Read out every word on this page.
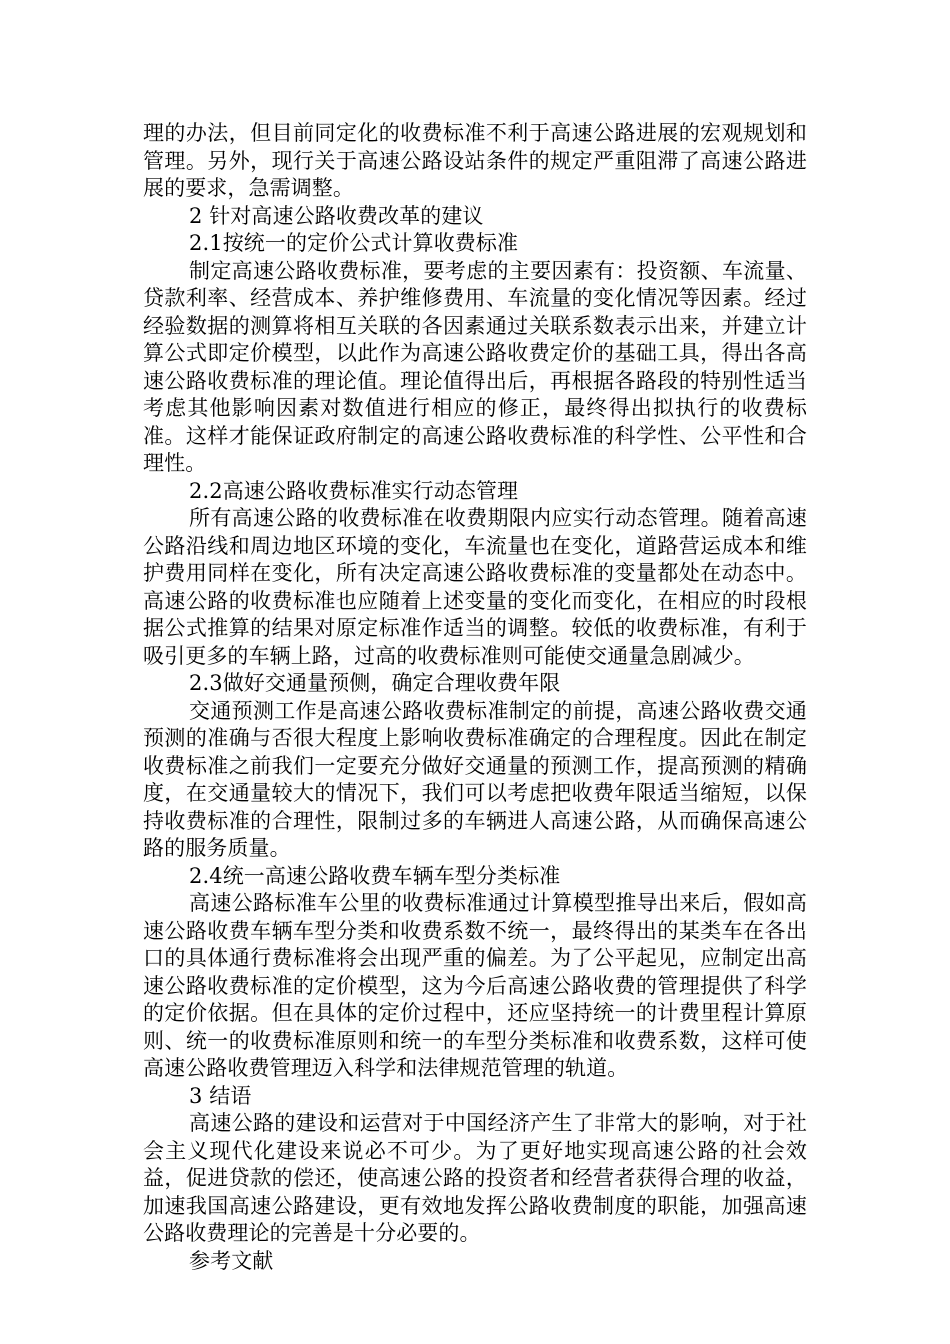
理的办法，但目前同定化的收费标准不利于高速公路进展的宏观规划和管理。另外，现行关于高速公路设站条件的规定严重阻滞了高速公路进展的要求，急需调整。

2 针对高速公路收费改革的建议

2.1按统一的定价公式计算收费标准

制定高速公路收费标准，要考虑的主要因素有：投资额、车流量、贷款利率、经营成本、养护维修费用、车流量的变化情况等因素。经过经验数据的测算将相互关联的各因素通过关联系数表示出来，并建立计算公式即定价模型，以此作为高速公路收费定价的基础工具，得出各高速公路收费标准的理论值。理论值得出后，再根据各路段的特别性适当考虑其他影响因素对数值进行相应的修正，最终得出拟执行的收费标准。这样才能保证政府制定的高速公路收费标准的科学性、公平性和合理性。

2.2高速公路收费标准实行动态管理

所有高速公路的收费标准在收费期限内应实行动态管理。随着高速公路沿线和周边地区环境的变化，车流量也在变化，道路营运成本和维护费用同样在变化，所有决定高速公路收费标准的变量都处在动态中。高速公路的收费标准也应随着上述变量的变化而变化，在相应的时段根据公式推算的结果对原定标准作适当的调整。较低的收费标准，有利于吸引更多的车辆上路，过高的收费标准则可能使交通量急剧减少。

2.3做好交通量预侧，确定合理收费年限

交通预测工作是高速公路收费标准制定的前提，高速公路收费交通预测的准确与否很大程度上影响收费标准确定的合理程度。因此在制定收费标准之前我们一定要充分做好交通量的预测工作，提高预测的精确度，在交通量较大的情况下，我们可以考虑把收费年限适当缩短，以保持收费标准的合理性，限制过多的车辆进人高速公路，从而确保高速公路的服务质量。

2.4统一高速公路收费车辆车型分类标准

高速公路标准车公里的收费标准通过计算模型推导出来后，假如高速公路收费车辆车型分类和收费系数不统一，最终得出的某类车在各出口的具体通行费标准将会出现严重的偏差。为了公平起见，应制定出高速公路收费标准的定价模型，这为今后高速公路收费的管理提供了科学的定价依据。但在具体的定价过程中，还应坚持统一的计费里程计算原则、统一的收费标准原则和统一的车型分类标准和收费系数，这样可使高速公路收费管理迈入科学和法律规范管理的轨道。

3 结语

高速公路的建设和运营对于中国经济产生了非常大的影响，对于社会主义现代化建设来说必不可少。为了更好地实现高速公路的社会效益，促进贷款的偿还，使高速公路的投资者和经营者获得合理的收益，加速我国高速公路建设，更有效地发挥公路收费制度的职能，加强高速公路收费理论的完善是十分必要的。

参考文献
